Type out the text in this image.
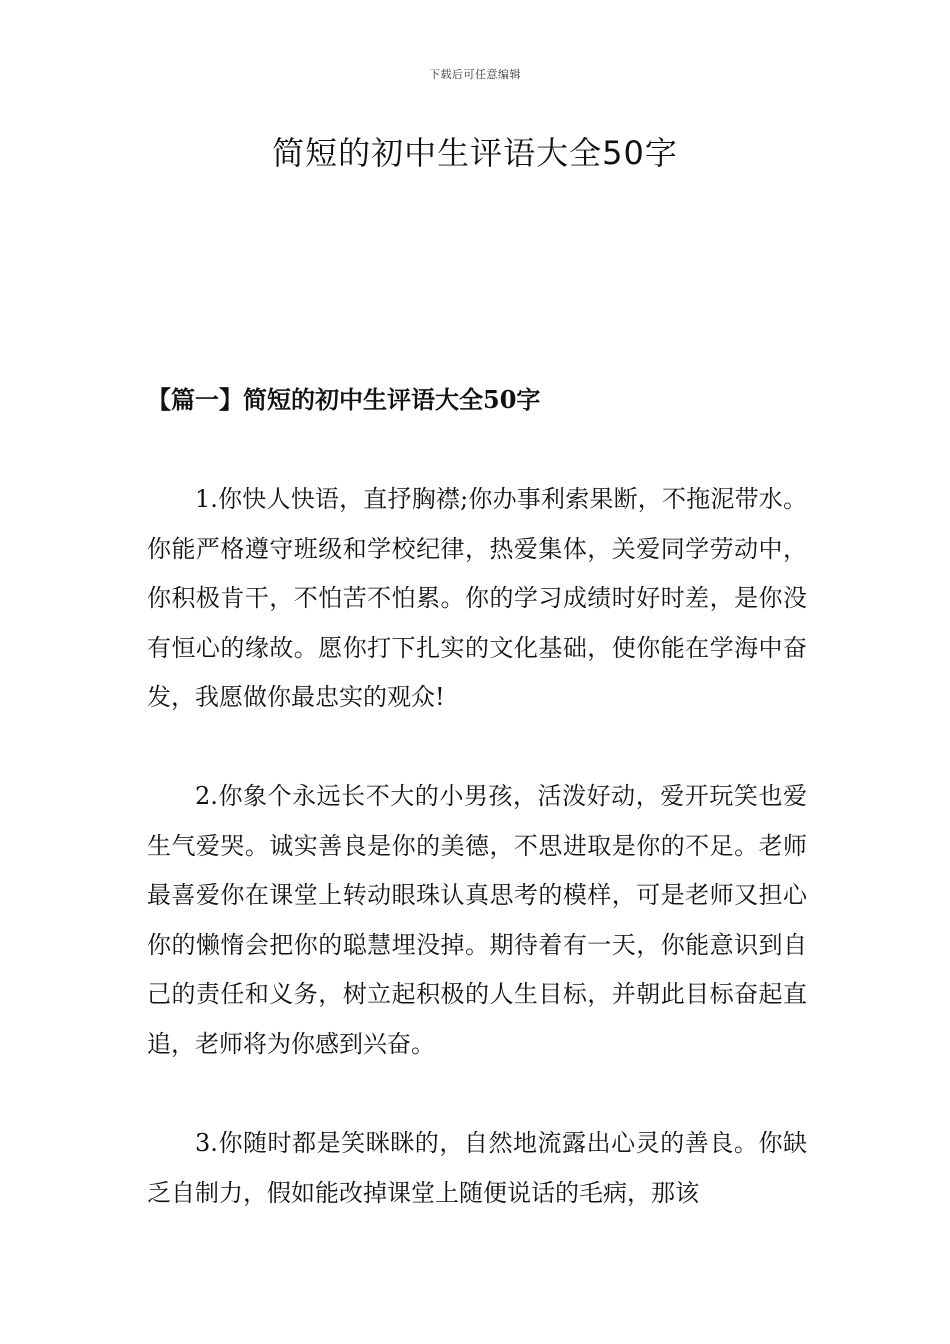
下载后可任意编辑
简短的初中生评语大全50字
【篇一】简短的初中生评语大全50字

1.你快人快语，直抒胸襟;你办事利索果断，不拖泥带水。你能严格遵守班级和学校纪律，热爱集体，关爱同学劳动中，你积极肯干，不怕苦不怕累。你的学习成绩时好时差，是你没有恒心的缘故。愿你打下扎实的文化基础，使你能在学海中奋发，我愿做你最忠实的观众!

2.你象个永远长不大的小男孩，活泼好动，爱开玩笑也爱生气爱哭。诚实善良是你的美德，不思进取是你的不足。老师最喜爱你在课堂上转动眼珠认真思考的模样，可是老师又担心你的懒惰会把你的聪慧埋没掉。期待着有一天，你能意识到自己的责任和义务，树立起积极的人生目标，并朝此目标奋起直追，老师将为你感到兴奋。

3.你随时都是笑眯眯的，自然地流露出心灵的善良。你缺乏自制力，假如能改掉课堂上随便说话的毛病，那该
